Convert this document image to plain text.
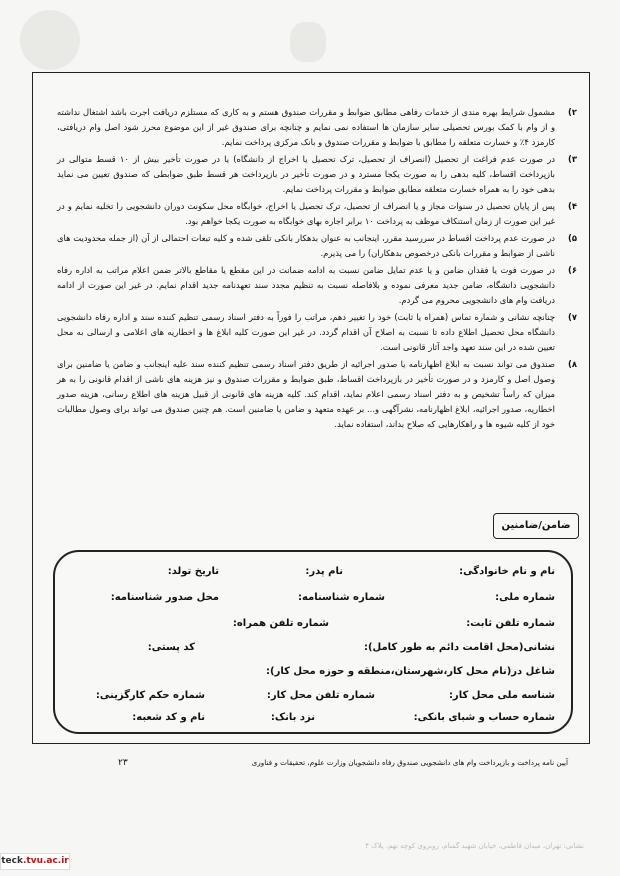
۲)
مشمول شرایط بهره مندی از خدمات رفاهی مطابق ضوابط و مقررات صندوق هستم و به کاری که مستلزم دریافت اجرت باشد اشتغال نداشته و از وام با کمک بورس تحصیلی سایر سازمان ها استفاده نمی نمایم و چنانچه برای صندوق غیر از این موضوع محرز شود اصل وام دریافتی، کارمزد ۴٪ و خسارت متعلقه را مطابق با ضوابط و مقررات صندوق و بانک مرکزی پرداخت نمایم.
۳)
در صورت عدم فراغت از تحصیل (انصراف از تحصیل، ترک تحصیل یا اخراج از دانشگاه) یا در صورت تأخیر بیش از ۱۰ قسط متوالی در بازپرداخت اقساط، کلیه بدهی را به صورت یکجا مسترد و در صورت تأخیر در بازپرداخت هر قسط طبق ضوابطی که صندوق تعیین می نماید بدهی خود را به همراه خسارت متعلقه مطابق ضوابط و مقررات پرداخت نمایم.
۴)
پس از پایان تحصیل در سنوات مجاز و یا انصراف از تحصیل، ترک تحصیل یا اخراج، خوابگاه محل سکونت دوران دانشجویی را تخلیه نمایم و در غیر این صورت از زمان استنکاف موظف به پرداخت ۱۰ برابر اجاره بهای خوابگاه به صورت یکجا خواهم بود.
۵)
در صورت عدم پرداخت اقساط در سررسید مقرر، اینجانب به عنوان بدهکار بانکی تلقی شده و کلیه تبعات احتمالی از آن (از جمله محدودیت های ناشی از ضوابط و مقررات بانکی درخصوص بدهکاران) را می پذیرم.
۶)
در صورت فوت یا فقدان ضامن و یا عدم تمایل ضامن نسبت به ادامه ضمانت در این مقطع یا مقاطع بالاتر ضمن اعلام مراتب به اداره رفاه دانشجویی دانشگاه، ضامن جدید معرفی نموده و بلافاصله نسبت به تنظیم مجدد سند تعهدنامه جدید اقدام نمایم. در غیر این صورت از ادامه دریافت وام های دانشجویی محروم می گردم.
۷)
چنانچه نشانی و شماره تماس (همراه یا ثابت) خود را تغییر دهم، مراتب را فوراً به دفتر اسناد رسمی تنظیم کننده سند و اداره رفاه دانشجویی دانشگاه محل تحصیل اطلاع داده تا نسبت به اصلاح آن اقدام گردد. در غیر این صورت کلیه ابلاغ ها و اخطاریه های اعلامی و ارسالی به محل تعیین شده در این سند تعهد واجد آثار قانونی است.
۸)
صندوق می تواند نسبت به ابلاغ اظهارنامه یا صدور اجرائیه از طریق دفتر اسناد رسمی تنظیم کننده سند علیه اینجانب و ضامن یا ضامنین برای وصول اصل و کارمزد و در صورت تأخیر در بازپرداخت اقساط، طبق ضوابط و مقررات صندوق و نیز هزینه های ناشی از اقدام قانونی را به هر میزان که راساً تشخیص و به دفتر اسناد رسمی اعلام نماید، اقدام کند. کلیه هزینه های قانونی از قبیل هزینه های اطلاع رسانی، هزینه صدور اخطاریه، صدور اجرائیه، ابلاغ اظهارنامه، نشرآگهی و... بر عهده متعهد و ضامن یا ضامنین است. هم چنین صندوق می تواند برای وصول مطالبات خود از کلیه شیوه ها و راهکارهایی که صلاح بداند، استفاده نماید.
ضامن/ضامنین
نام و نام خانوادگی:
نام پدر:
تاریخ تولد:
شماره ملی:
شماره شناسنامه:
محل صدور شناسنامه:
شماره تلفن ثابت:
شماره تلفن همراه:
نشانی(محل اقامت دائم به طور کامل):
کد پستی:
شاغل در(نام محل کار،شهرستان،منطقه و حوزه محل کار):
شناسه ملی محل کار:
شماره تلفن محل کار:
شماره حکم کارگزینی:
شماره حساب و شبای بانکی:
نزد بانک:
نام و کد شعبه:
آیین نامه پرداخت و بازپرداخت وام های دانشجویی صندوق رفاه دانشجویان وزارت علوم، تحقیقات و فناوری
۲۳
نشانی: تهران، میدان فاطمی، خیابان شهید گمنام، روبروی کوچه نهم، پلاک ۴
teck.tvu.ac.ir
